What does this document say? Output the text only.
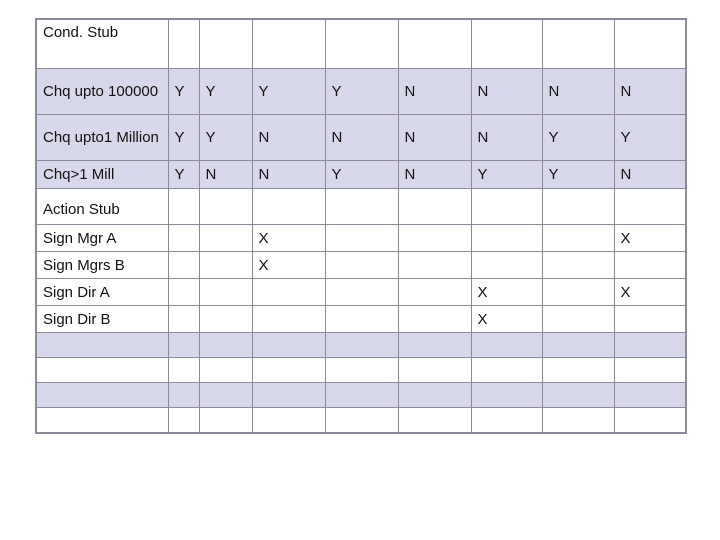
Cond. Stub								
Chq upto 100000	Y	Y	Y	Y	N	N	N	N
Chq upto1 Million	Y	Y	N	N	N	N	Y	Y
Chq>1 Mill	Y	N	N	Y	N	Y	Y	N
Action Stub								
Sign Mgr A			X					X
Sign Mgrs B			X					
Sign Dir A						X		X
Sign Dir B						X		
